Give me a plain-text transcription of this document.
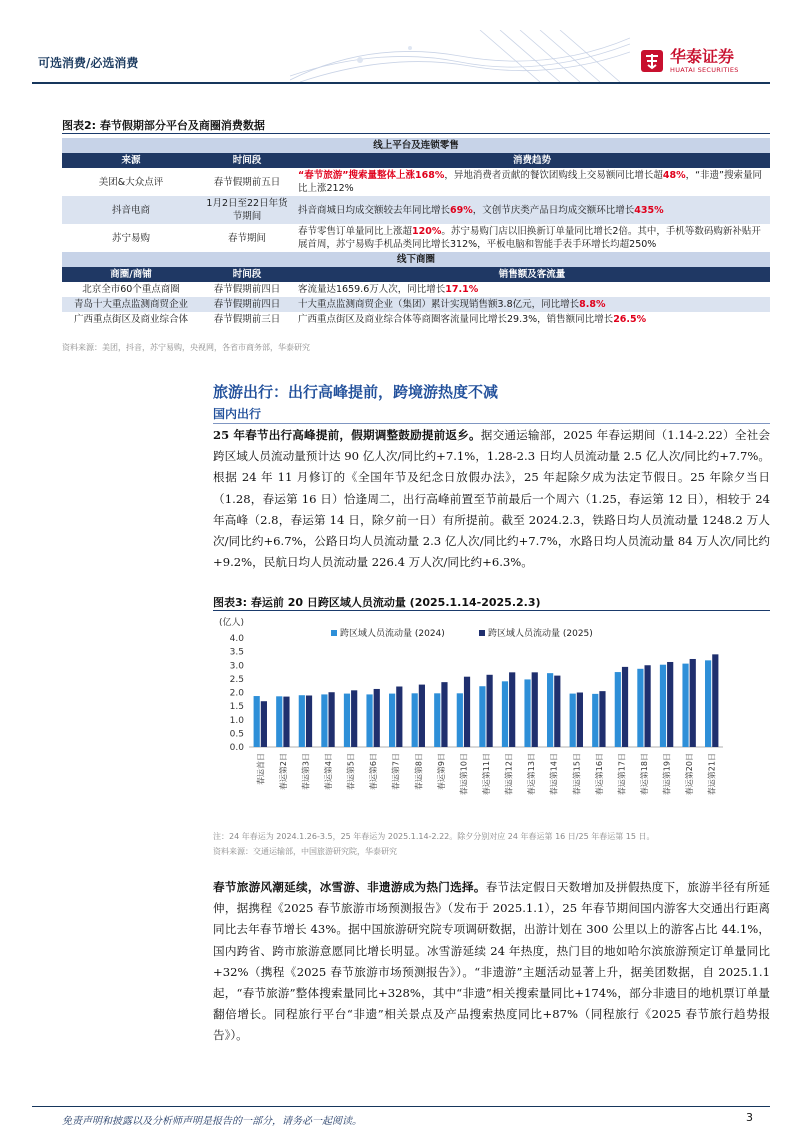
可选消费/必选消费	华泰证券
HUATAI SECURITIES
图表2: 春节假期部分平台及商圈消费数据
线上平台及连锁零售		
来源	时间段	消费趋势
美团&大众点评	春节假期前五日	“春节旅游”搜索量整体上涨168%，异地消费者贡献的餐饮团购线上交易额同比增长超48%，“非遗”搜索量同比上涨212%
抖音电商	1月2日至22日年货节期间	抖音商城日均成交额较去年同比增长69%，文创节庆类产品日均成交额环比增长435%
苏宁易购	春节期间	春节零售订单量同比上涨超120%。苏宁易购门店以旧换新订单量同比增长2倍。其中，手机等数码购新补贴开展首周，苏宁易购手机品类同比增长312%，平板电脑和智能手表手环增长均超250%
线下商圈		
商圈/商铺	时间段	销售额及客流量
北京全市60个重点商圈	春节假期前四日	客流量达1659.6万人次，同比增长17.1%
青岛十大重点监测商贸企业	春节假期前四日	十大重点监测商贸企业（集团）累计实现销售额3.8亿元，同比增长8.8%
广西重点街区及商业综合体	春节假期前三日	广西重点街区及商业综合体等商圈客流量同比增长29.3%，销售额同比增长26.5%
资料来源：美团，抖音，苏宁易购，央视网，各省市商务部，华泰研究
旅游出行：出行高峰提前，跨境游热度不减
国内出行
25 年春节出行高峰提前，假期调整鼓励提前返乡。据交通运输部，2025 年春运期间（1.14-2.22）全社会跨区域人员流动量预计达 90 亿人次/同比约+7.1%，1.28-2.3 日均人员流动量 2.5 亿人次/同比约+7.7%。根据 24 年 11 月修订的《全国年节及纪念日放假办法》，25 年起除夕成为法定节假日。25 年除夕当日（1.28，春运第 16 日）恰逢周二，出行高峰前置至节前最后一个周六（1.25，春运第 12 日），相较于 24 年高峰（2.8，春运第 14 日，除夕前一日）有所提前。截至 2024.2.3，铁路日均人员流动量 1248.2 万人次/同比约+6.7%，公路日均人员流动量 2.3 亿人次/同比约+7.7%，水路日均人员流动量 84 万人次/同比约+9.2%，民航日均人员流动量 226.4 万人次/同比约+6.3%。
图表3: 春运前 20 日跨区域人员流动量 (2025.1.14-2025.2.3)
(亿人)
0.0
0.5
1.0
1.5
2.0
2.5
3.0
3.5
4.0	跨区域人员流动量 (2024)	跨区域人员流动量 (2025)
春运首日 春运第2日 春运第3日 春运第4日 春运第5日 春运第6日 春运第7日 春运第8日 春运第9日 春运第10日 春运第11日 春运第12日 春运第13日 春运第14日 春运第15日 春运第16日 春运第17日 春运第18日 春运第19日 春运第20日 春运第21日
注：24 年春运为 2024.1.26-3.5，25 年春运为 2025.1.14-2.22。除夕分别对应 24 年春运第 16 日/25 年春运第 15 日。
资料来源：交通运输部，中国旅游研究院，华泰研究
春节旅游风潮延续，冰雪游、非遗游成为热门选择。春节法定假日天数增加及拼假热度下，旅游半径有所延伸，据携程《2025 春节旅游市场预测报告》（发布于 2025.1.1），25 年春节期间国内游客大交通出行距离同比去年春节增长 43%。据中国旅游研究院专项调研数据，出游计划在 300 公里以上的游客占比 44.1%，国内跨省、跨市旅游意愿同比增长明显。冰雪游延续 24 年热度，热门目的地如哈尔滨旅游预定订单量同比+32%（携程《2025 春节旅游市场预测报告》）。“非遗游”主题活动显著上升，据美团数据，自 2025.1.1 起，“春节旅游”整体搜索量同比+328%，其中“非遗”相关搜索量同比+174%，部分非遗目的地机票订单量翻倍增长。同程旅行平台“非遗”相关景点及产品搜索热度同比+87%（同程旅行《2025 春节旅行趋势报告》）。
免责声明和披露以及分析师声明是报告的一部分，请务必一起阅读。	3
